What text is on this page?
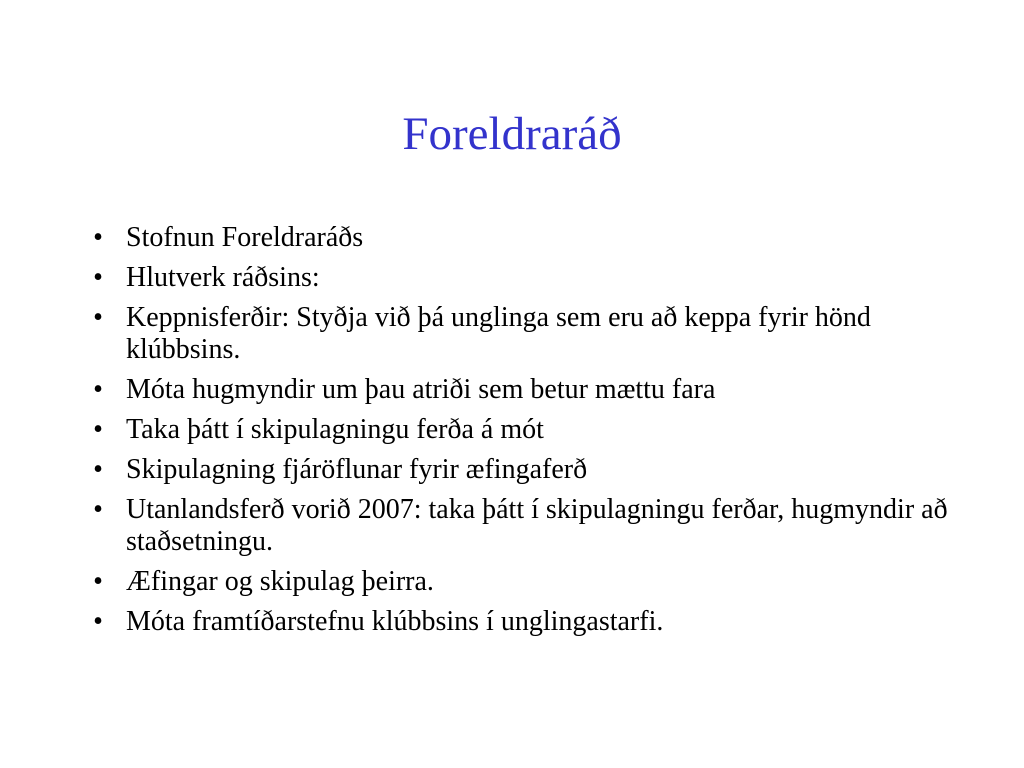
Foreldraráð
• Stofnun Foreldraráðs
• Hlutverk ráðsins:
• Keppnisferðir: Styðja við þá unglinga sem eru að keppa fyrir hönd klúbbsins.
• Móta hugmyndir um þau atriði sem betur mættu fara
• Taka þátt í skipulagningu ferða á mót
• Skipulagning fjáröflunar fyrir æfingaferð
• Utanlandsferð vorið 2007: taka þátt í skipulagningu ferðar, hugmyndir að staðsetningu.
• Æfingar og skipulag þeirra.
• Móta framtíðarstefnu klúbbsins í unglingastarfi.
